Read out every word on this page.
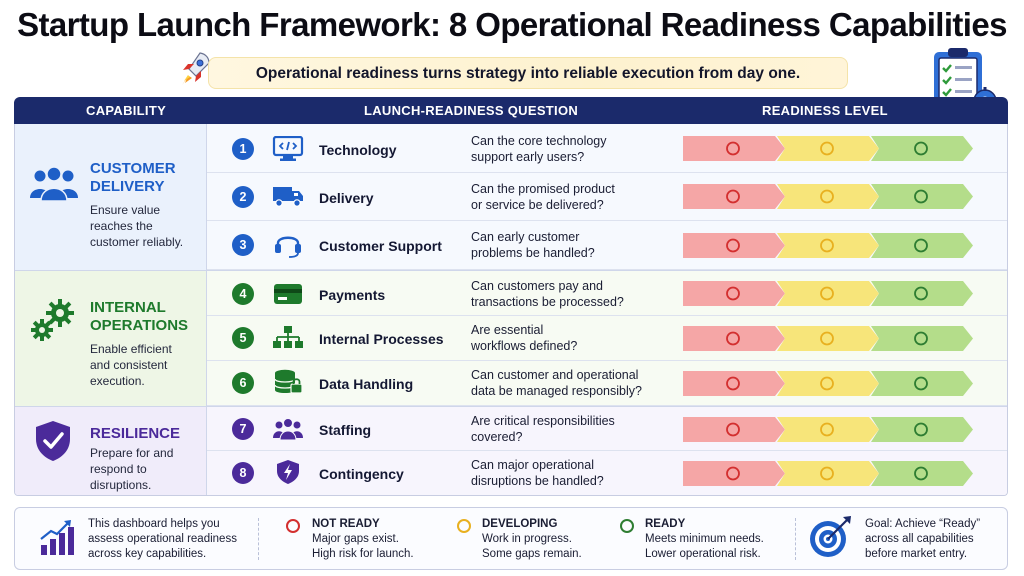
Startup Launch Framework: 8 Operational Readiness Capabilities
Operational readiness turns strategy into reliable execution from day one.
CAPABILITY	LAUNCH-READINESS QUESTION	READINESS LEVEL
CUSTOMER
DELIVERY
Ensure value
reaches the
customer reliably.
INTERNAL
OPERATIONS
Enable efficient
and consistent
execution.
RESILIENCE
Prepare for and
respond to
disruptions.
1	Technology
Can the core technology
support early users?
2	Delivery
Can the promised product
or service be delivered?
3	Customer Support
Can early customer
problems be handled?
4	Payments
Can customers pay and
transactions be processed?
5	Internal Processes
Are essential
workflows defined?
6	Data Handling
Can customer and operational
data be managed responsibly?
7	Staffing
Are critical responsibilities
covered?
8	Contingency
Can major operational
disruptions be handled?
This dashboard helps you
assess operational readiness
across key capabilities.
NOT READY
Major gaps exist.
High risk for launch.
DEVELOPING
Work in progress.
Some gaps remain.
READY
Meets minimum needs.
Lower operational risk.
Goal: Achieve “Ready”
across all capabilities
before market entry.
